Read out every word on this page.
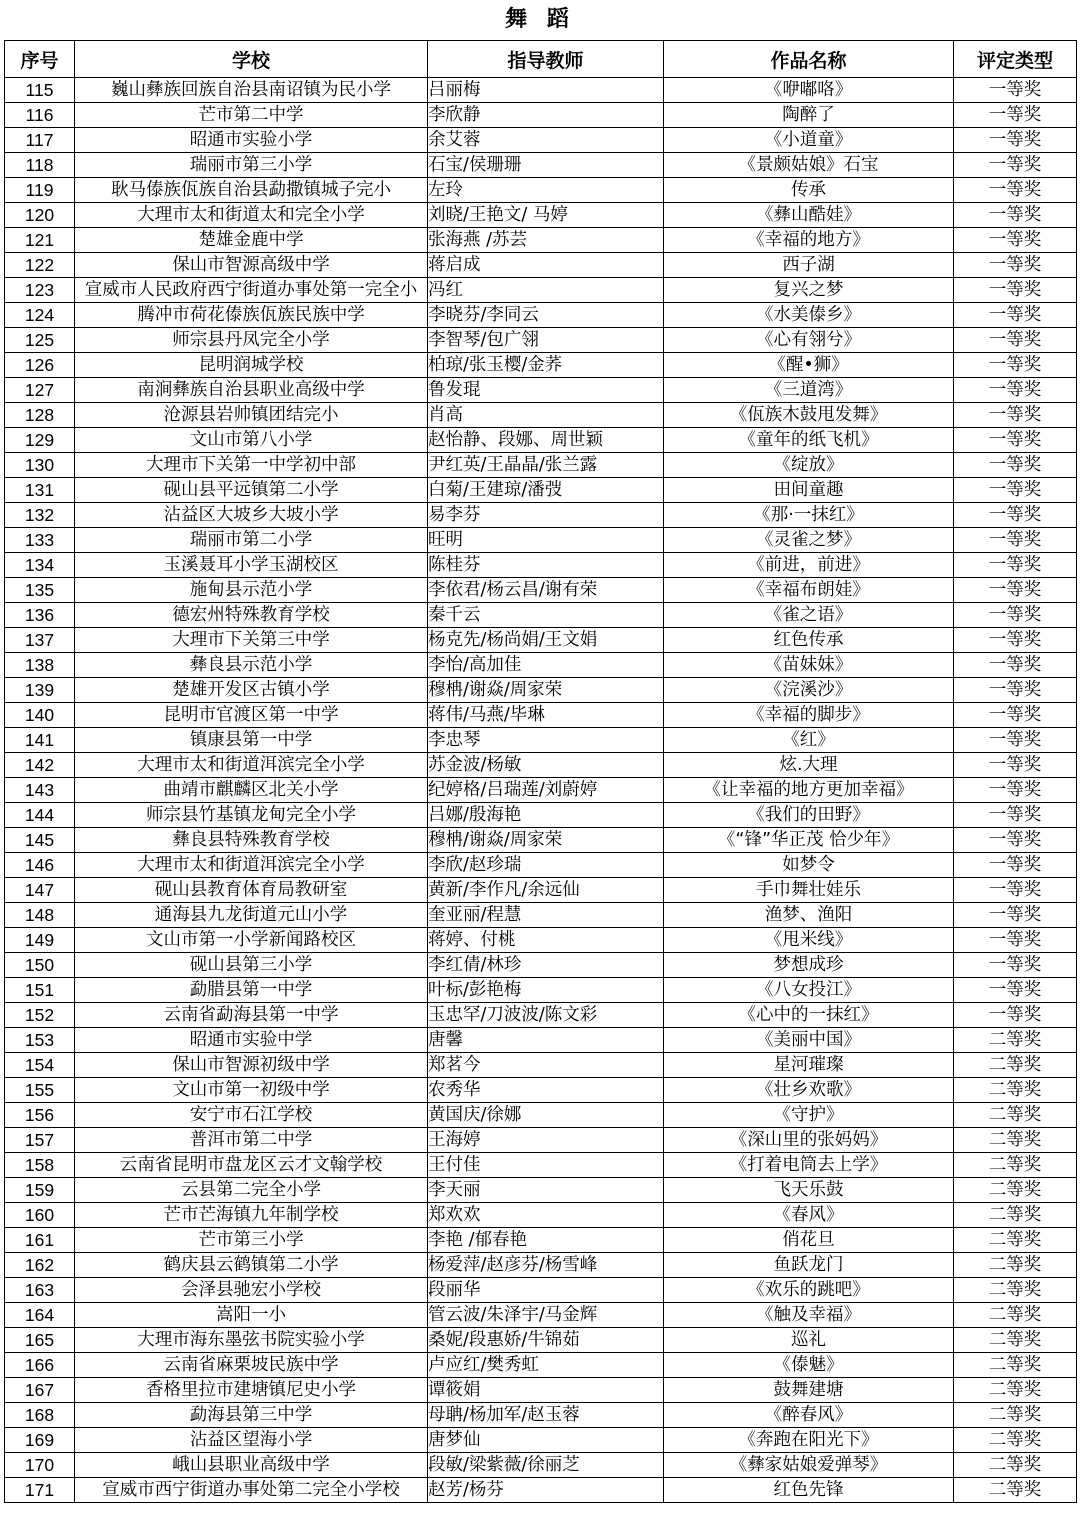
舞 蹈
序号	学校	指导教师	作品名称	评定类型
115	巍山彝族回族自治县南诏镇为民小学	吕丽梅	《咿嘟咯》	一等奖
116	芒市第二中学	李欣静	陶醉了	一等奖
117	昭通市实验小学	余艾蓉	《小道童》	一等奖
118	瑞丽市第三小学	石宝/侯珊珊	《景颇姑娘》石宝	一等奖
119	耿马傣族佤族自治县勐撒镇城子完小	左玲	传承	一等奖
120	大理市太和街道太和完全小学	刘晓/王艳文/ 马婷	《彝山酷娃》	一等奖
121	楚雄金鹿中学	张海燕 /苏芸	《幸福的地方》	一等奖
122	保山市智源高级中学	蒋启成	西子湖	一等奖
123	宣威市人民政府西宁街道办事处第一完全小	冯红	复兴之梦	一等奖
124	腾冲市荷花傣族佤族民族中学	李晓芬/李同云	《水美傣乡》	一等奖
125	师宗县丹凤完全小学	李智琴/包广翎	《心有翎兮》	一等奖
126	昆明润城学校	柏琼/张玉樱/金荞	《醒•狮》	一等奖
127	南涧彝族自治县职业高级中学	鲁发琨	《三道湾》	一等奖
128	沧源县岩帅镇团结完小	肖高	《佤族木鼓甩发舞》	一等奖
129	文山市第八小学	赵怡静、段娜、周世颖	《童年的纸飞机》	一等奖
130	大理市下关第一中学初中部	尹红英/王晶晶/张兰露	《绽放》	一等奖
131	砚山县平远镇第二小学	白菊/王建琼/潘弢	田间童趣	一等奖
132	沾益区大坡乡大坡小学	易李芬	《那·一抹红》	一等奖
133	瑞丽市第二小学	旺明	《灵雀之梦》	一等奖
134	玉溪聂耳小学玉湖校区	陈桂芬	《前进，前进》	一等奖
135	施甸县示范小学	李依君/杨云昌/谢有荣	《幸福布朗娃》	一等奖
136	德宏州特殊教育学校	秦千云	《雀之语》	一等奖
137	大理市下关第三中学	杨克先/杨尚娟/王文娟	红色传承	一等奖
138	彝良县示范小学	李怡/高加佳	《苗妹妹》	一等奖
139	楚雄开发区古镇小学	穆柟/谢焱/周家荣	《浣溪沙》	一等奖
140	昆明市官渡区第一中学	蒋伟/马燕/毕琳	《幸福的脚步》	一等奖
141	镇康县第一中学	李忠琴	《红》	一等奖
142	大理市太和街道洱滨完全小学	苏金波/杨敏	炫.大理	一等奖
143	曲靖市麒麟区北关小学	纪婷格/吕瑞莲/刘蔚婷	《让幸福的地方更加幸福》	一等奖
144	师宗县竹基镇龙甸完全小学	吕娜/殷海艳	《我们的田野》	一等奖
145	彝良县特殊教育学校	穆柟/谢焱/周家荣	《“锋”华正茂 恰少年》	一等奖
146	大理市太和街道洱滨完全小学	李欣/赵珍瑞	如梦令	一等奖
147	砚山县教育体育局教研室	黄新/李作凡/余远仙	手巾舞壮娃乐	一等奖
148	通海县九龙街道元山小学	奎亚丽/程慧	渔梦、渔阳	一等奖
149	文山市第一小学新闻路校区	蒋婷、付桃	《甩米线》	一等奖
150	砚山县第三小学	李红倩/林珍	梦想成珍	一等奖
151	勐腊县第一中学	叶标/彭艳梅	《八女投江》	一等奖
152	云南省勐海县第一中学	玉忠罕/刀波波/陈文彩	《心中的一抹红》	一等奖
153	昭通市实验中学	唐馨	《美丽中国》	二等奖
154	保山市智源初级中学	郑茗今	星河璀璨	二等奖
155	文山市第一初级中学	农秀华	《壮乡欢歌》	二等奖
156	安宁市石江学校	黄国庆/徐娜	《守护》	二等奖
157	普洱市第二中学	王海婷	《深山里的张妈妈》	二等奖
158	云南省昆明市盘龙区云才文翰学校	王付佳	《打着电筒去上学》	二等奖
159	云县第二完全小学	李天丽	飞天乐鼓	二等奖
160	芒市芒海镇九年制学校	郑欢欢	《春风》	二等奖
161	芒市第三小学	李艳 /郁春艳	俏花旦	二等奖
162	鹤庆县云鹤镇第二小学	杨爱萍/赵彦芬/杨雪峰	鱼跃龙门	二等奖
163	会泽县驰宏小学校	段丽华	《欢乐的跳吧》	二等奖
164	嵩阳一小	管云波/朱泽宇/马金辉	《触及幸福》	二等奖
165	大理市海东墨弦书院实验小学	桑妮/段惠娇/牛锦茹	巡礼	二等奖
166	云南省麻栗坡民族中学	卢应红/樊秀虹	《傣魅》	二等奖
167	香格里拉市建塘镇尼史小学	谭筱娟	鼓舞建塘	二等奖
168	勐海县第三中学	母聃/杨加军/赵玉蓉	《醉春风》	二等奖
169	沾益区望海小学	唐梦仙	《奔跑在阳光下》	二等奖
170	峨山县职业高级中学	段敏/梁紫薇/徐丽芝	《彝家姑娘爱弹琴》	二等奖
171	宣威市西宁街道办事处第二完全小学校	赵芳/杨芬	红色先锋	二等奖
